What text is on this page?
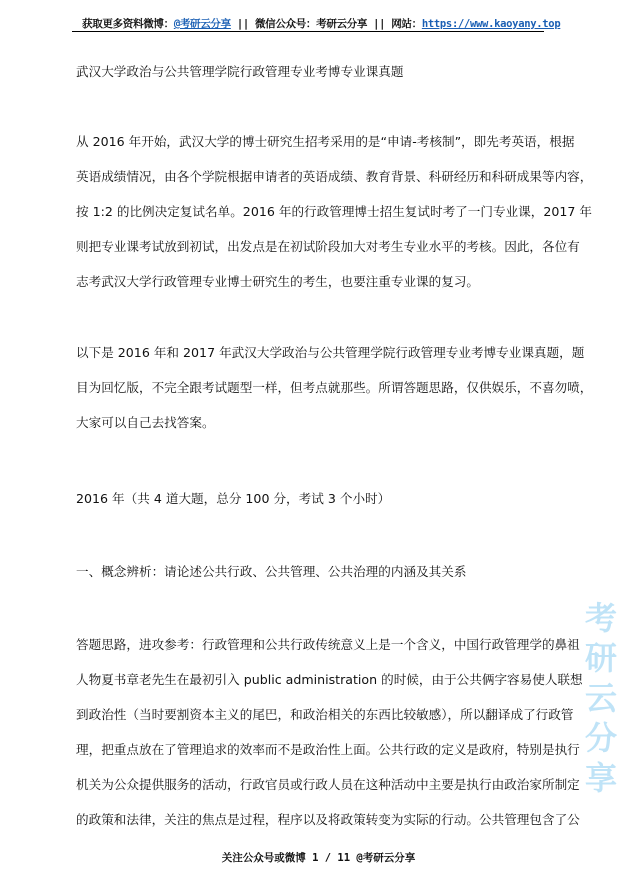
获取更多资料微博：@考研云分享 || 微信公众号：考研云分享 || 网站：https://www.kaoyany.top
武汉大学政治与公共管理学院行政管理专业考博专业课真题
从 2016 年开始，武汉大学的博士研究生招考采用的是“申请-考核制”，即先考英语，根据
英语成绩情况，由各个学院根据申请者的英语成绩、教育背景、科研经历和科研成果等内容，
按 1:2 的比例决定复试名单。2016 年的行政管理博士招生复试时考了一门专业课，2017 年
则把专业课考试放到初试，出发点是在初试阶段加大对考生专业水平的考核。因此，各位有
志考武汉大学行政管理专业博士研究生的考生，也要注重专业课的复习。
以下是 2016 年和 2017 年武汉大学政治与公共管理学院行政管理专业考博专业课真题，题
目为回忆版，不完全跟考试题型一样，但考点就那些。所谓答题思路，仅供娱乐，不喜勿喷，
大家可以自己去找答案。
答题思路，进攻参考：行政管理和公共行政传统意义上是一个含义，中国行政管理学的鼻祖
人物夏书章老先生在最初引入 public administration 的时候，由于公共俩字容易使人联想
到政治性（当时要割资本主义的尾巴，和政治相关的东西比较敏感），所以翻译成了行政管
理，把重点放在了管理追求的效率而不是政治性上面。公共行政的定义是政府，特别是执行
机关为公众提供服务的活动，行政官员或行政人员在这种活动中主要是执行由政治家所制定
的政策和法律，关注的焦点是过程，程序以及将政策转变为实际的行动。公共管理包含了公
2016 年（共 4 道大题，总分 100 分，考试 3 个小时）
一、概念辨析：请论述公共行政、公共管理、公共治理的内涵及其关系
考
研
云
分
享
关注公众号或微博 1 / 11 @考研云分享
